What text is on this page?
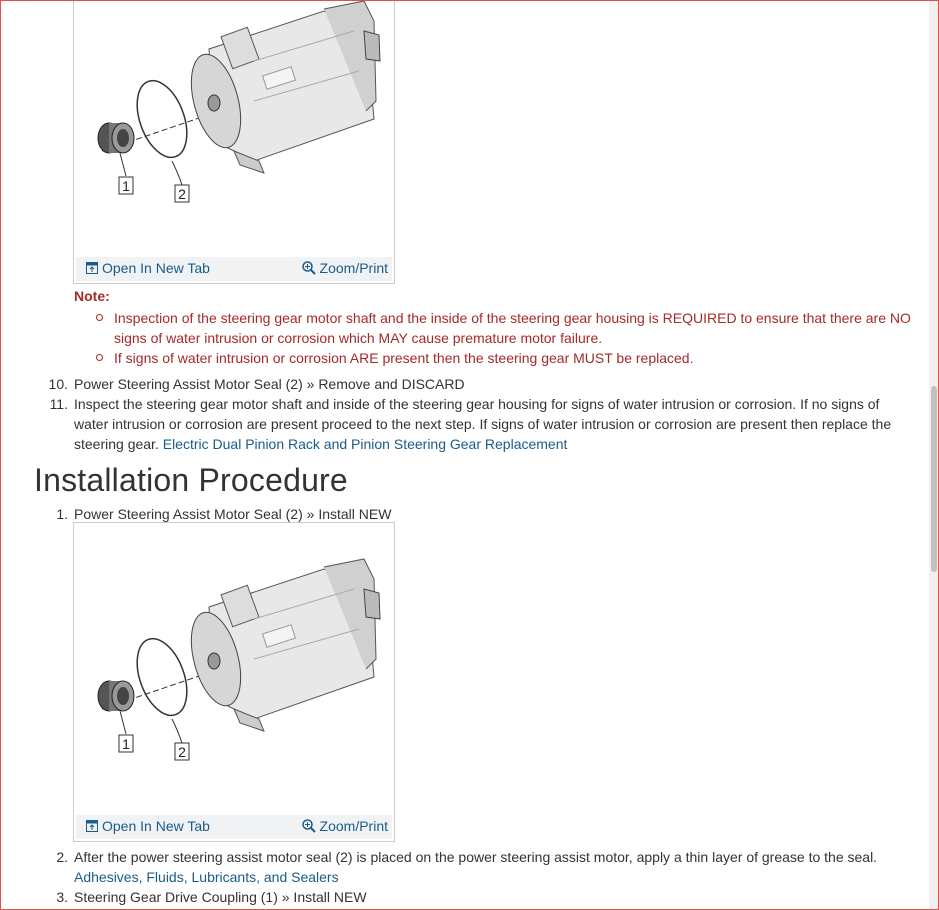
1	2
Open In New Tab	Zoom/Print
Note:
Inspection of the steering gear motor shaft and the inside of the steering gear housing is REQUIRED to ensure that there are NO signs of water intrusion or corrosion which MAY cause premature motor failure.
If signs of water intrusion or corrosion ARE present then the steering gear MUST be replaced.
10. Power Steering Assist Motor Seal (2) » Remove and DISCARD
11. Inspect the steering gear motor shaft and inside of the steering gear housing for signs of water intrusion or corrosion. If no signs of water intrusion or corrosion are present proceed to the next step. If signs of water intrusion or corrosion are present then replace the steering gear. Electric Dual Pinion Rack and Pinion Steering Gear Replacement
Installation Procedure
1. Power Steering Assist Motor Seal (2) » Install NEW
1	2
Open In New Tab	Zoom/Print
2. After the power steering assist motor seal (2) is placed on the power steering assist motor, apply a thin layer of grease to the seal.
Adhesives, Fluids, Lubricants, and Sealers
3. Steering Gear Drive Coupling (1) » Install NEW
